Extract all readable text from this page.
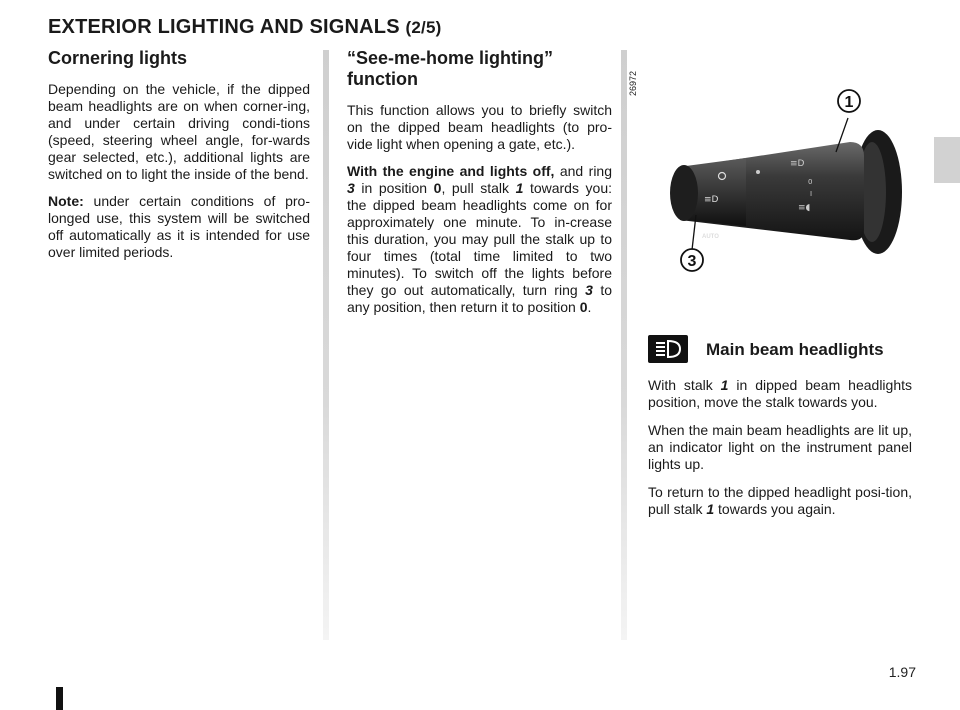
EXTERIOR LIGHTING AND SIGNALS (2/5)
Cornering lights

Depending on the vehicle, if the dipped beam headlights are on when corner-ing, and under certain driving condi-tions (speed, steering wheel angle, for-wards gear selected, etc.), additional lights are switched on to light the inside of the bend.

Note: under certain conditions of pro-longed use, this system will be switched off automatically as it is intended for use over limited periods.

“See-me-home lighting” function

This function allows you to briefly switch on the dipped beam headlights (to pro-vide light when opening a gate, etc.).

With the engine and lights off, and ring 3 in position 0, pull stalk 1 towards you: the dipped beam headlights come on for approximately one minute. To in-crease this duration, you may pull the stalk up to four times (total time limited to two minutes). To switch off the lights before they go out automatically, turn ring 3 to any position, then return it to position 0.

26972
≡D
AUTO
≡D
0
I
≡◖
1
3
Main beam headlights

With stalk 1 in dipped beam headlights position, move the stalk towards you.

When the main beam headlights are lit up, an indicator light on the instrument panel lights up.

To return to the dipped headlight posi-tion, pull stalk 1 towards you again.

1.97
